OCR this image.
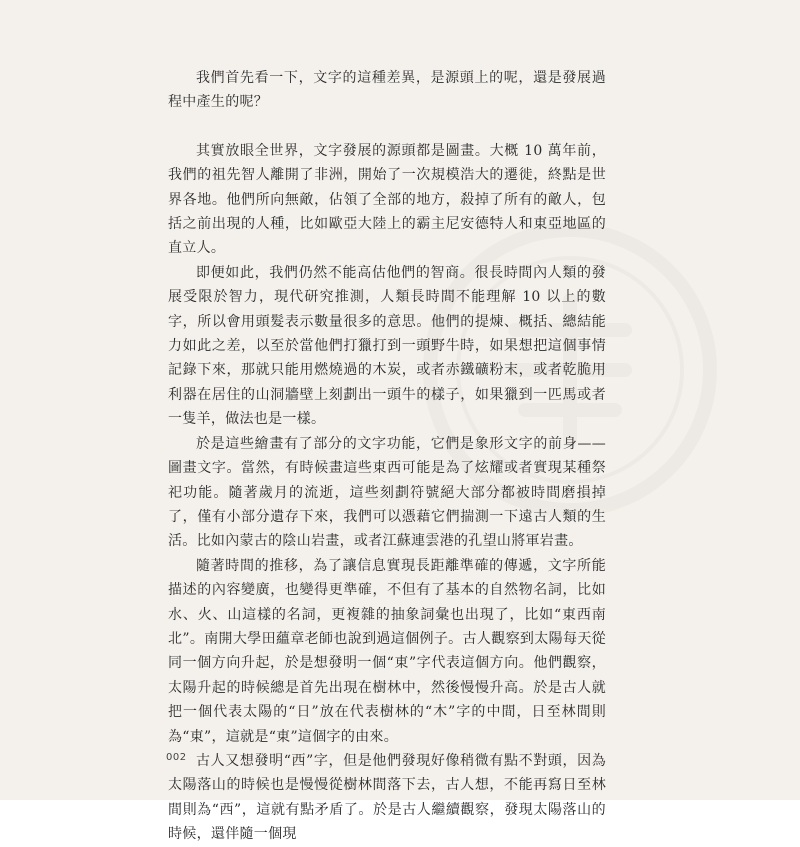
我們首先看一下，文字的這種差異，是源頭上的呢，還是發展過程中產生的呢？

其實放眼全世界，文字發展的源頭都是圖畫。大概 10 萬年前，我們的祖先智人離開了非洲，開始了一次規模浩大的遷徙，終點是世界各地。他們所向無敵，佔領了全部的地方，殺掉了所有的敵人，包括之前出現的人種，比如歐亞大陸上的霸主尼安德特人和東亞地區的直立人。

即便如此，我們仍然不能高估他們的智商。很長時間內人類的發展受限於智力，現代研究推測，人類長時間不能理解 10 以上的數字，所以會用頭髮表示數量很多的意思。他們的提煉、概括、總結能力如此之差，以至於當他們打獵打到一頭野牛時，如果想把這個事情記錄下來，那就只能用燃燒過的木炭，或者赤鐵礦粉末，或者乾脆用利器在居住的山洞牆壁上刻劃出一頭牛的樣子，如果獵到一匹馬或者一隻羊，做法也是一樣。

於是這些繪畫有了部分的文字功能，它們是象形文字的前身——圖畫文字。當然，有時候畫這些東西可能是為了炫耀或者實現某種祭祀功能。隨著歲月的流逝，這些刻劃符號絕大部分都被時間磨損掉了，僅有小部分遺存下來，我們可以憑藉它們揣測一下遠古人類的生活。比如內蒙古的陰山岩畫，或者江蘇連雲港的孔望山將軍岩畫。

隨著時間的推移，為了讓信息實現長距離準確的傳遞，文字所能描述的內容變廣，也變得更準確，不但有了基本的自然物名詞，比如水、火、山這樣的名詞，更複雜的抽象詞彙也出現了，比如“東西南北”。南開大學田蘊章老師也說到過這個例子。古人觀察到太陽每天從同一個方向升起，於是想發明一個“東”字代表這個方向。他們觀察，太陽升起的時候總是首先出現在樹林中，然後慢慢升高。於是古人就把一個代表太陽的“日”放在代表樹林的“木”字的中間，日至林間則為“東”，這就是“東”這個字的由來。

古人又想發明“西”字，但是他們發現好像稍微有點不對頭，因為太陽落山的時候也是慢慢從樹林間落下去，古人想，不能再寫日至林間則為“西”，這就有點矛盾了。於是古人繼續觀察，發現太陽落山的時候，還伴隨一個現

002
